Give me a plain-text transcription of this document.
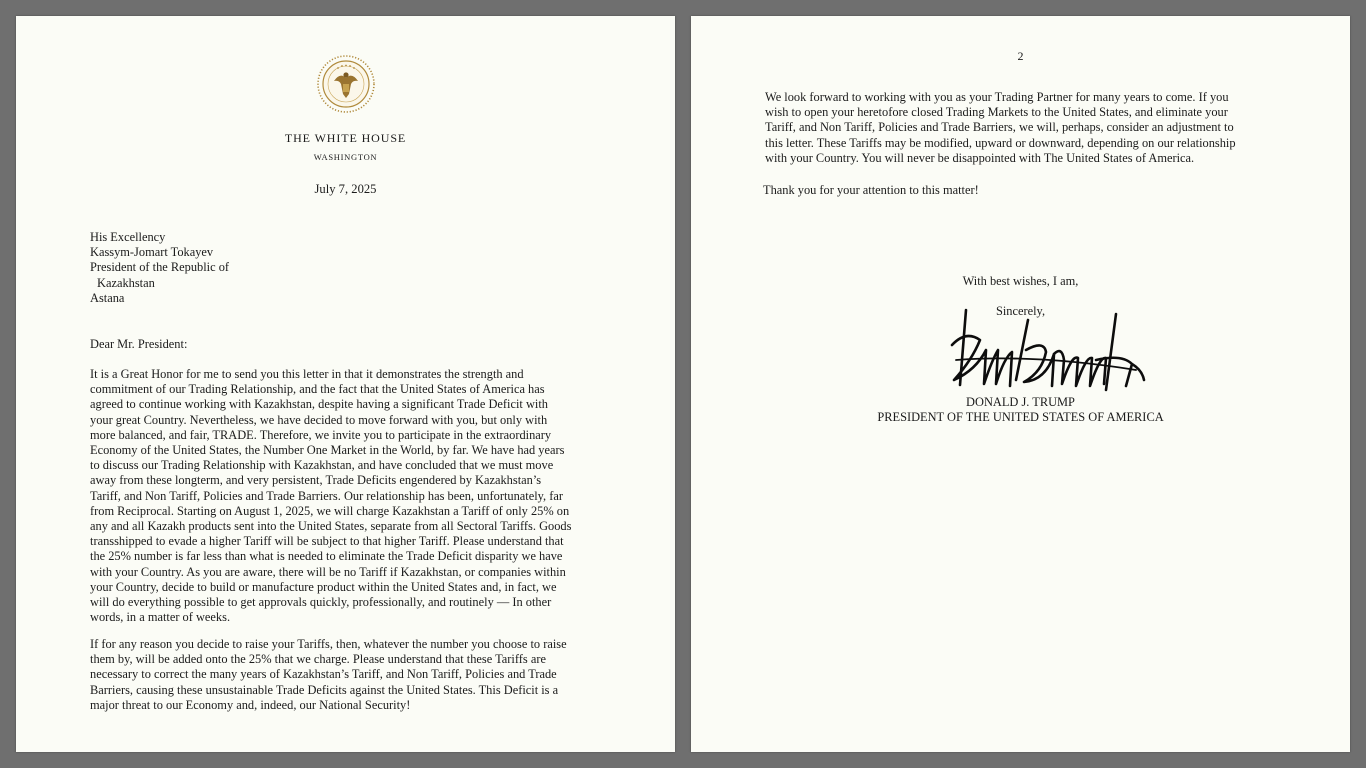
THE WHITE HOUSE
WASHINGTON
July 7, 2025
His Excellency
Kassym-Jomart Tokayev
President of the Republic of
Kazakhstan
Astana
Dear Mr. President:
It is a Great Honor for me to send you this letter in that it demonstrates the strength and
commitment of our Trading Relationship, and the fact that the United States of America has
agreed to continue working with Kazakhstan, despite having a significant Trade Deficit with
your great Country. Nevertheless, we have decided to move forward with you, but only with
more balanced, and fair, TRADE. Therefore, we invite you to participate in the extraordinary
Economy of the United States, the Number One Market in the World, by far. We have had years
to discuss our Trading Relationship with Kazakhstan, and have concluded that we must move
away from these longterm, and very persistent, Trade Deficits engendered by Kazakhstan’s
Tariff, and Non Tariff, Policies and Trade Barriers. Our relationship has been, unfortunately, far
from Reciprocal. Starting on August 1, 2025, we will charge Kazakhstan a Tariff of only 25% on
any and all Kazakh products sent into the United States, separate from all Sectoral Tariffs. Goods
transshipped to evade a higher Tariff will be subject to that higher Tariff. Please understand that
the 25% number is far less than what is needed to eliminate the Trade Deficit disparity we have
with your Country. As you are aware, there will be no Tariff if Kazakhstan, or companies within
your Country, decide to build or manufacture product within the United States and, in fact, we
will do everything possible to get approvals quickly, professionally, and routinely — In other
words, in a matter of weeks.
If for any reason you decide to raise your Tariffs, then, whatever the number you choose to raise
them by, will be added onto the 25% that we charge. Please understand that these Tariffs are
necessary to correct the many years of Kazakhstan’s Tariff, and Non Tariff, Policies and Trade
Barriers, causing these unsustainable Trade Deficits against the United States. This Deficit is a
major threat to our Economy and, indeed, our National Security!
2
We look forward to working with you as your Trading Partner for many years to come. If you
wish to open your heretofore closed Trading Markets to the United States, and eliminate your
Tariff, and Non Tariff, Policies and Trade Barriers, we will, perhaps, consider an adjustment to
this letter. These Tariffs may be modified, upward or downward, depending on our relationship
with your Country. You will never be disappointed with The United States of America.
Thank you for your attention to this matter!
With best wishes, I am,
Sincerely,
DONALD J. TRUMP
PRESIDENT OF THE UNITED STATES OF AMERICA
